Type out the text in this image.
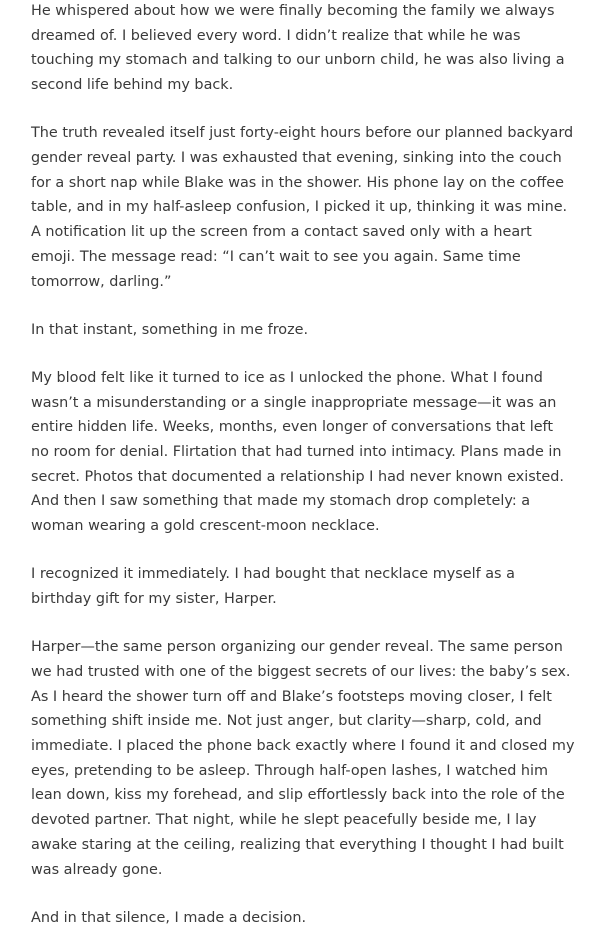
He whispered about how we were finally becoming the family we always dreamed of. I believed every word. I didn’t realize that while he was touching my stomach and talking to our unborn child, he was also living a second life behind my back.

The truth revealed itself just forty-eight hours before our planned backyard gender reveal party. I was exhausted that evening, sinking into the couch for a short nap while Blake was in the shower. His phone lay on the coffee table, and in my half-asleep confusion, I picked it up, thinking it was mine. A notification lit up the screen from a contact saved only with a heart emoji. The message read: “I can’t wait to see you again. Same time tomorrow, darling.”

In that instant, something in me froze.

My blood felt like it turned to ice as I unlocked the phone. What I found wasn’t a misunderstanding or a single inappropriate message—it was an entire hidden life. Weeks, months, even longer of conversations that left no room for denial. Flirtation that had turned into intimacy. Plans made in secret. Photos that documented a relationship I had never known existed. And then I saw something that made my stomach drop completely: a woman wearing a gold crescent-moon necklace.

I recognized it immediately. I had bought that necklace myself as a birthday gift for my sister, Harper.

Harper—the same person organizing our gender reveal. The same person we had trusted with one of the biggest secrets of our lives: the baby’s sex. As I heard the shower turn off and Blake’s footsteps moving closer, I felt something shift inside me. Not just anger, but clarity—sharp, cold, and immediate. I placed the phone back exactly where I found it and closed my eyes, pretending to be asleep. Through half-open lashes, I watched him lean down, kiss my forehead, and slip effortlessly back into the role of the devoted partner. That night, while he slept peacefully beside me, I lay awake staring at the ceiling, realizing that everything I thought I had built was already gone.

And in that silence, I made a decision.
